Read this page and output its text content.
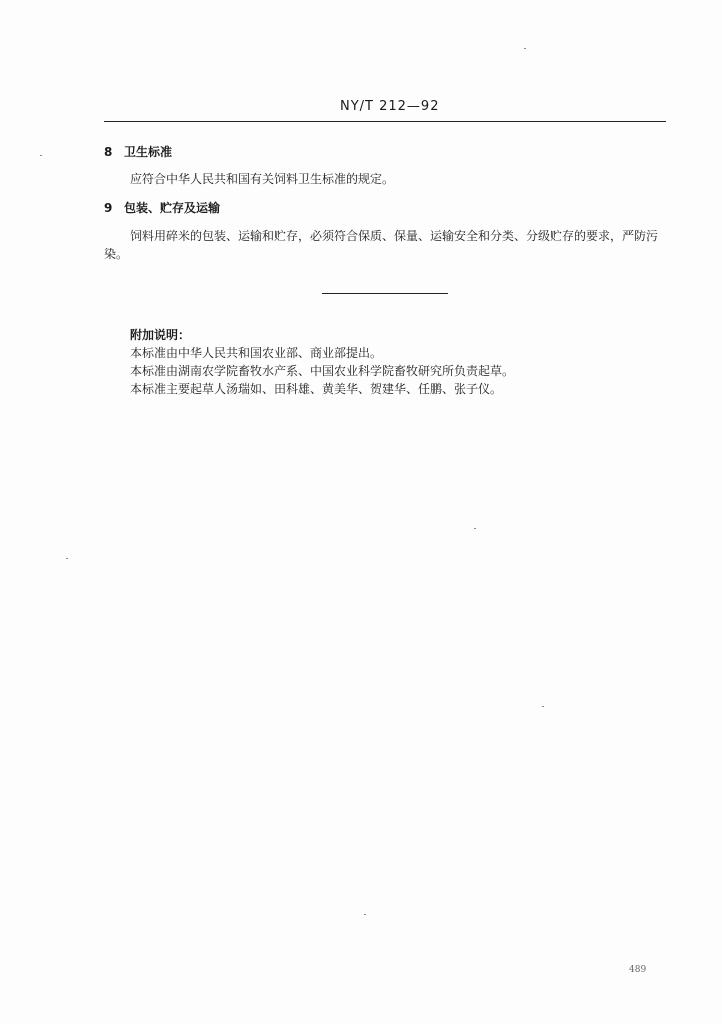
NY/T 212—92
8 卫生标准
应符合中华人民共和国有关饲料卫生标准的规定。
9 包装、贮存及运输
饲料用碎米的包装、运输和贮存，必须符合保质、保量、运输安全和分类、分级贮存的要求，严防污
染。
附加说明：
本标准由中华人民共和国农业部、商业部提出。
本标准由湖南农学院畜牧水产系、中国农业科学院畜牧研究所负责起草。
本标准主要起草人汤瑞如、田科雄、黄美华、贺建华、任鹏、张子仪。
489
